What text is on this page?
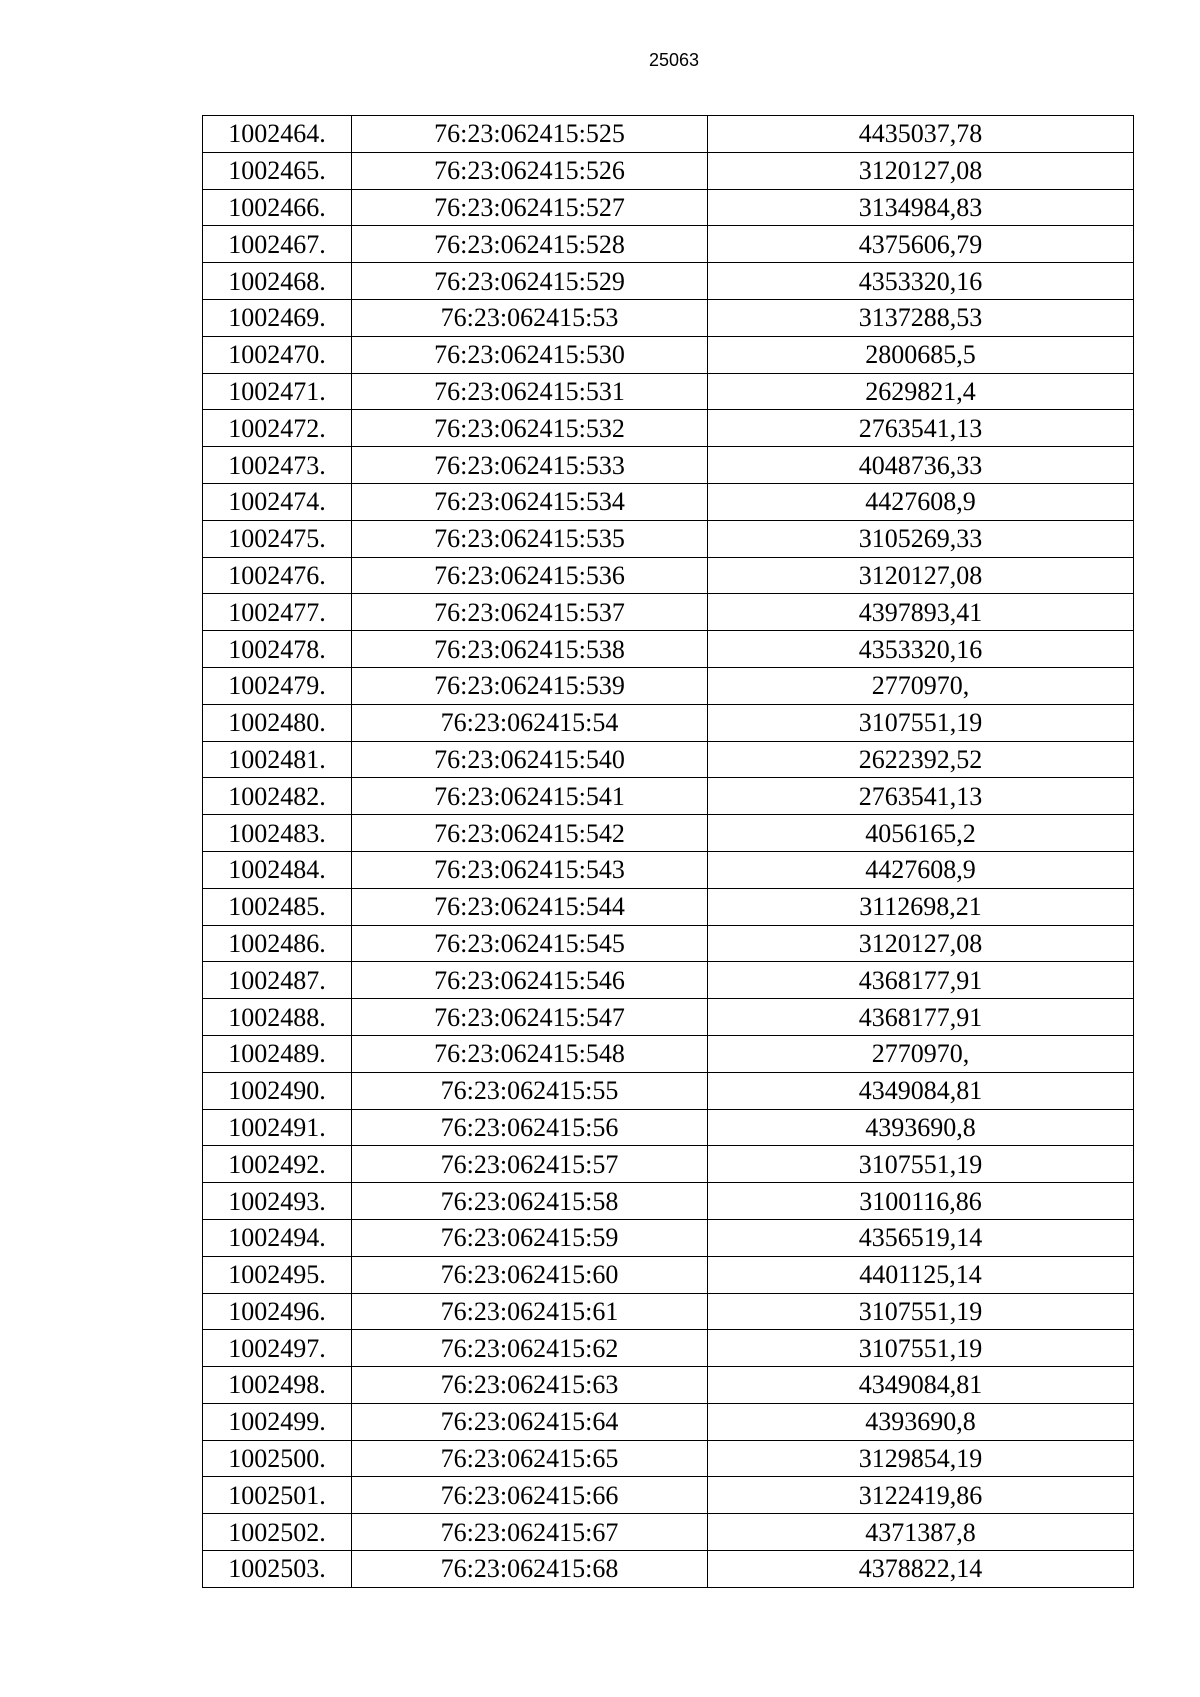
25063
1002464.	76:23:062415:525	4435037,78
1002465.	76:23:062415:526	3120127,08
1002466.	76:23:062415:527	3134984,83
1002467.	76:23:062415:528	4375606,79
1002468.	76:23:062415:529	4353320,16
1002469.	76:23:062415:53	3137288,53
1002470.	76:23:062415:530	2800685,5
1002471.	76:23:062415:531	2629821,4
1002472.	76:23:062415:532	2763541,13
1002473.	76:23:062415:533	4048736,33
1002474.	76:23:062415:534	4427608,9
1002475.	76:23:062415:535	3105269,33
1002476.	76:23:062415:536	3120127,08
1002477.	76:23:062415:537	4397893,41
1002478.	76:23:062415:538	4353320,16
1002479.	76:23:062415:539	2770970,
1002480.	76:23:062415:54	3107551,19
1002481.	76:23:062415:540	2622392,52
1002482.	76:23:062415:541	2763541,13
1002483.	76:23:062415:542	4056165,2
1002484.	76:23:062415:543	4427608,9
1002485.	76:23:062415:544	3112698,21
1002486.	76:23:062415:545	3120127,08
1002487.	76:23:062415:546	4368177,91
1002488.	76:23:062415:547	4368177,91
1002489.	76:23:062415:548	2770970,
1002490.	76:23:062415:55	4349084,81
1002491.	76:23:062415:56	4393690,8
1002492.	76:23:062415:57	3107551,19
1002493.	76:23:062415:58	3100116,86
1002494.	76:23:062415:59	4356519,14
1002495.	76:23:062415:60	4401125,14
1002496.	76:23:062415:61	3107551,19
1002497.	76:23:062415:62	3107551,19
1002498.	76:23:062415:63	4349084,81
1002499.	76:23:062415:64	4393690,8
1002500.	76:23:062415:65	3129854,19
1002501.	76:23:062415:66	3122419,86
1002502.	76:23:062415:67	4371387,8
1002503.	76:23:062415:68	4378822,14
